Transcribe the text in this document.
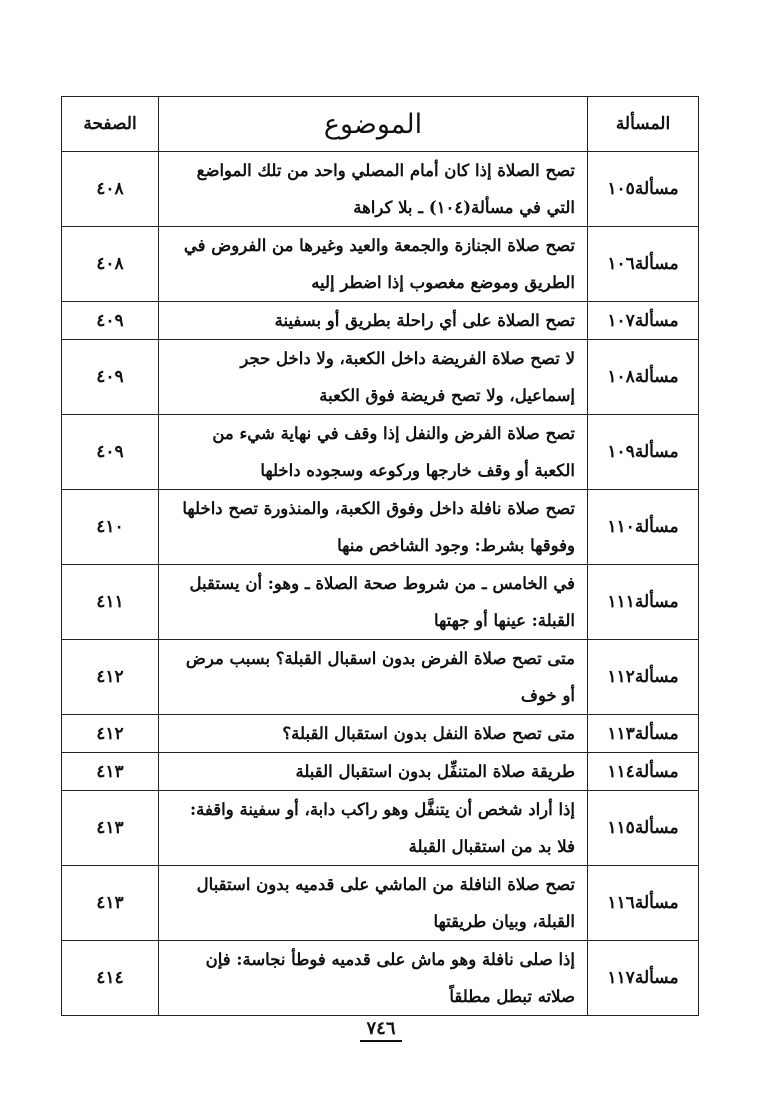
المسألة	الموضوع	الصفحة
مسألة١٠٥	تصح الصلاة إذا كان أمام المصلي واحد من تلك المواضع التي في مسألة(١٠٤) ـ بلا كراهة	٤٠٨
مسألة١٠٦	تصح صلاة الجنازة والجمعة والعيد وغيرها من الفروض في الطريق وموضع مغصوب إذا اضطر إليه	٤٠٨
مسألة١٠٧	تصح الصلاة على أي راحلة بطريق أو بسفينة	٤٠٩
مسألة١٠٨	لا تصح صلاة الفريضة داخل الكعبة، ولا داخل حجر إسماعيل، ولا تصح فريضة فوق الكعبة	٤٠٩
مسألة١٠٩	تصح صلاة الفرض والنفل إذا وقف في نهاية شيء من الكعبة أو وقف خارجها وركوعه وسجوده داخلها	٤٠٩
مسألة١١٠	تصح صلاة نافلة داخل وفوق الكعبة، والمنذورة تصح داخلها وفوقها بشرط: وجود الشاخص منها	٤١٠
مسألة١١١	في الخامس ـ من شروط صحة الصلاة ـ وهو: أن يستقبل القبلة: عينها أو جهتها	٤١١
مسألة١١٢	متى تصح صلاة الفرض بدون اسقبال القبلة؟ بسبب مرض أو خوف	٤١٢
مسألة١١٣	متى تصح صلاة النفل بدون استقبال القبلة؟	٤١٢
مسألة١١٤	طريقة صلاة المتنفِّل بدون استقبال القبلة	٤١٣
مسألة١١٥	إذا أراد شخص أن يتنفَّل وهو راكب دابة، أو سفينة واقفة: فلا بد من استقبال القبلة	٤١٣
مسألة١١٦	تصح صلاة النافلة من الماشي على قدميه بدون استقبال القبلة، وبيان طريقتها	٤١٣
مسألة١١٧	إذا صلى نافلة وهو ماش على قدميه فوطأ نجاسة: فإن صلاته تبطل مطلقاً	٤١٤
٧٤٦
